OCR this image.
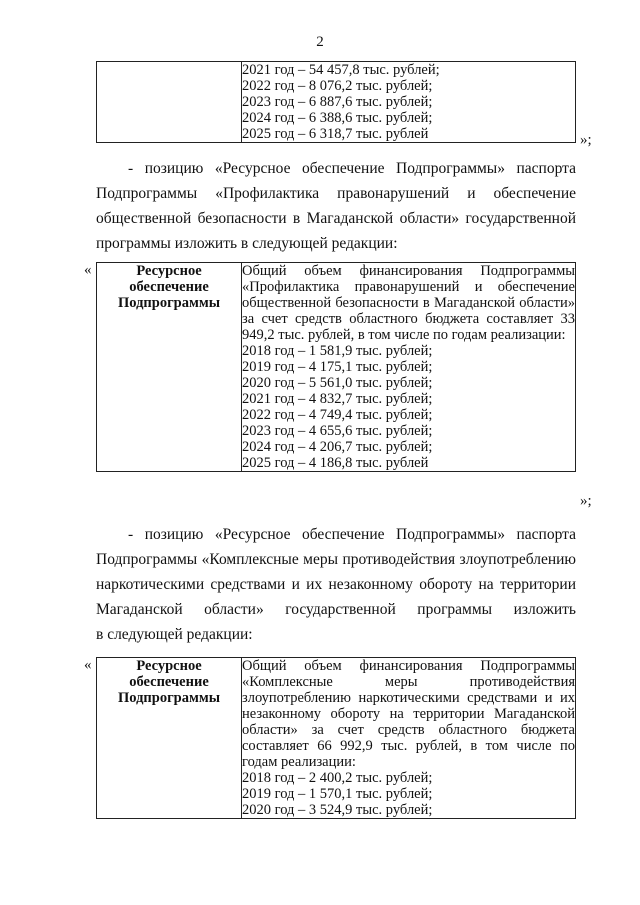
2

2021 год – 54 457,8 тыс. рублей;
2022 год – 8 076,2 тыс. рублей;
2023 год – 6 887,6 тыс. рублей;
2024 год – 6 388,6 тыс. рублей;
2025 год – 6 318,7 тыс. рублей	»;
- позицию «Ресурсное обеспечение Подпрограммы» паспорта
Подпрограммы «Профилактика правонарушений и обеспечение
общественной безопасности в Магаданской области» государственной
программы изложить в следующей редакции:
«	Ресурсное
обеспечение
Подпрограммы

Общий объем финансирования Подпрограммы «Профилактика правонарушений и обеспечение общественной безопасности в Магаданской области» за счет средств областного бюджета составляет 33 949,2 тыс. рублей, в том числе по годам реализации:
2018 год – 1 581,9 тыс. рублей;
2019 год – 4 175,1 тыс. рублей;
2020 год – 5 561,0 тыс. рублей;
2021 год – 4 832,7 тыс. рублей;
2022 год – 4 749,4 тыс. рублей;
2023 год – 4 655,6 тыс. рублей;
2024 год – 4 206,7 тыс. рублей;
2025 год – 4 186,8 тыс. рублей
»;
- позицию «Ресурсное обеспечение Подпрограммы» паспорта
Подпрограммы «Комплексные меры противодействия злоупотреблению
наркотическими средствами и их незаконному обороту на территории
Магаданской области» государственной программы изложить
в следующей редакции:
«	Ресурсное
обеспечение
Подпрограммы

Общий объем финансирования Подпрограммы «Комплексные меры противодействия злоупотреблению наркотическими средствами и их незаконному обороту на территории Магаданской области» за счет средств областного бюджета составляет 66 992,9 тыс. рублей, в том числе по годам реализации:
2018 год – 2 400,2 тыс. рублей;
2019 год – 1 570,1 тыс. рублей;
2020 год – 3 524,9 тыс. рублей;
